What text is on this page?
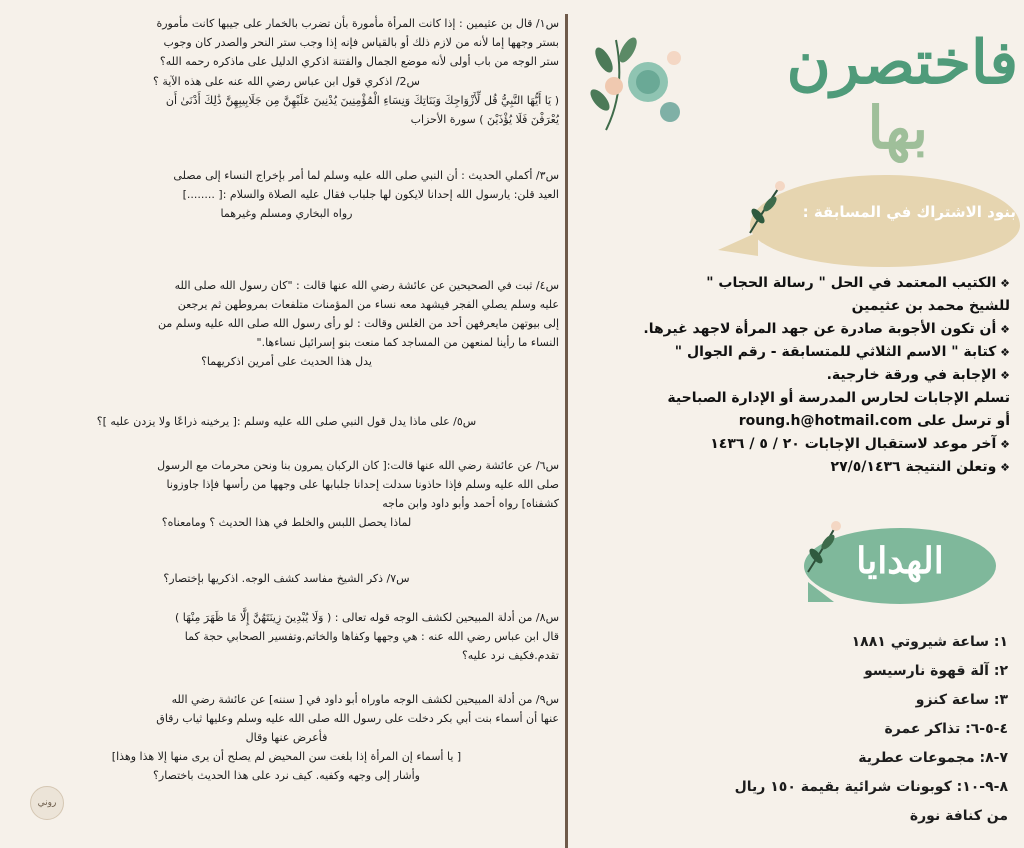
س١/ قال بن عثيمين : إذا كانت المرأة مأمورة بأن تضرب بالخمار على جيبها كانت مأمورة

بستر وجهها إما لأنه من لازم ذلك أو بالقياس فإنه إذا وجب ستر النحر والصدر كان وجوب

ستر الوجه من باب أولى لأنه موضع الجمال والفتنة اذكري الدليل على ماذكره رحمه الله؟

س2/ اذكري قول ابن عباس رضي الله عنه على هذه الآية ؟

( يَا أَيُّهَا النَّبِيُّ قُل لِّأَزْوَاجِكَ وَبَنَاتِكَ وَنِسَاءِ الْمُؤْمِنِينَ يُدْنِينَ عَلَيْهِنَّ مِن جَلَابِيبِهِنَّ ذَٰلِكَ أَدْنَىٰ أَن

يُعْرَفْنَ فَلَا يُؤْذَيْنَ ) سورة الأحزاب

س٣/ أكملي الحديث : أن النبي صلى الله عليه وسلم لما أمر بإخراج النساء إلى مصلى

العيد قلن: يارسول الله إحدانا لايكون لها جلباب فقال عليه الصلاة والسلام :[ ........]

رواه البخاري ومسلم وغيرهما

س٤/ ثبت في الصحيحين عن عائشة رضي الله عنها قالت : "كان رسول الله صلى الله

عليه وسلم يصلي الفجر فيشهد معه نساء من المؤمنات متلفعات بمروطهن ثم يرجعن

إلى بيوتهن مايعرفهن أحد من الغلس وقالت : لو رأى رسول الله صلى الله عليه وسلم من

النساء ما رأينا لمنعهن من المساجد كما منعت بنو إسرائيل نساءها."

يدل هذا الحديث على أمرين اذكريهما؟

س٥/ على ماذا يدل قول النبي صلى الله عليه وسلم :[ يرخينه ذراعًا ولا يزدن عليه ]؟

س٦/ عن عائشة رضي الله عنها قالت:[ كان الركبان يمرون بنا ونحن محرمات مع الرسول

صلى الله عليه وسلم فإذا حاذونا سدلت إحدانا جلبابها على وجهها من رأسها فإذا جاوزونا

كشفناه] رواه أحمد وأبو داود وابن ماجه

لماذا يحصل اللبس والخلط في هذا الحديث ؟ ومامعناه؟

س٧/ ذكر الشيخ مفاسد كشف الوجه. اذكريها بإختصار؟

س٨/ من أدلة المبيحين لكشف الوجه قوله تعالى : ( وَلَا يُبْدِينَ زِينَتَهُنَّ إِلَّا مَا ظَهَرَ مِنْهَا )

قال ابن عباس رضي الله عنه : هي وجهها وكفاها والخاتم.وتفسير الصحابي حجة كما

تقدم.فكيف نرد عليه؟

س٩/ من أدلة المبيحين لكشف الوجه ماوراه أبو داود في [ سننه] عن عائشة رضي الله

عنها أن أسماء بنت أبي بكر دخلت على رسول الله صلى الله عليه وسلم وعليها ثياب رقاق

فأعرض عنها وقال

[ يا أسماء إن المرأة إذا بلغت سن المحيض لم يصلح أن يرى منها إلا هذا وهذا]

وأشار إلى وجهه وكفيه. كيف نرد على هذا الحديث باختصار؟

روني
فاختصرن
بها
بنود الاشتراك في المسابقة :
❖ الكتيب المعتمد في الحل " رسالة الحجاب "
للشيخ محمد بن عثيمين
❖ أن تكون الأجوبة صادرة عن جهد المرأة لاجهد غيرها.
❖ كتابة " الاسم الثلاثي للمتسابقة - رقم الجوال "
❖ الإجابة في ورقة خارجية.
تسلم الإجابات لحارس المدرسة أو الإدارة الصباحية
أو ترسل على roung.h@hotmail.com
❖ آخر موعد لاستقبال الإجابات ٢٠ / ٥ / ١٤٣٦
❖ وتعلن النتيجة ٢٧/٥/١٤٣٦
الهدايا
١: ساعة شيروتي ١٨٨١
٢: آلة قهوة نارسيسو
٣: ساعة كنزو
٤-٥-٦: تذاكر عمرة
٧-٨: مجموعات عطرية
٨-٩-١٠: كوبونات شرائية بقيمة ١٥٠ ريال
من كنافة نورة
